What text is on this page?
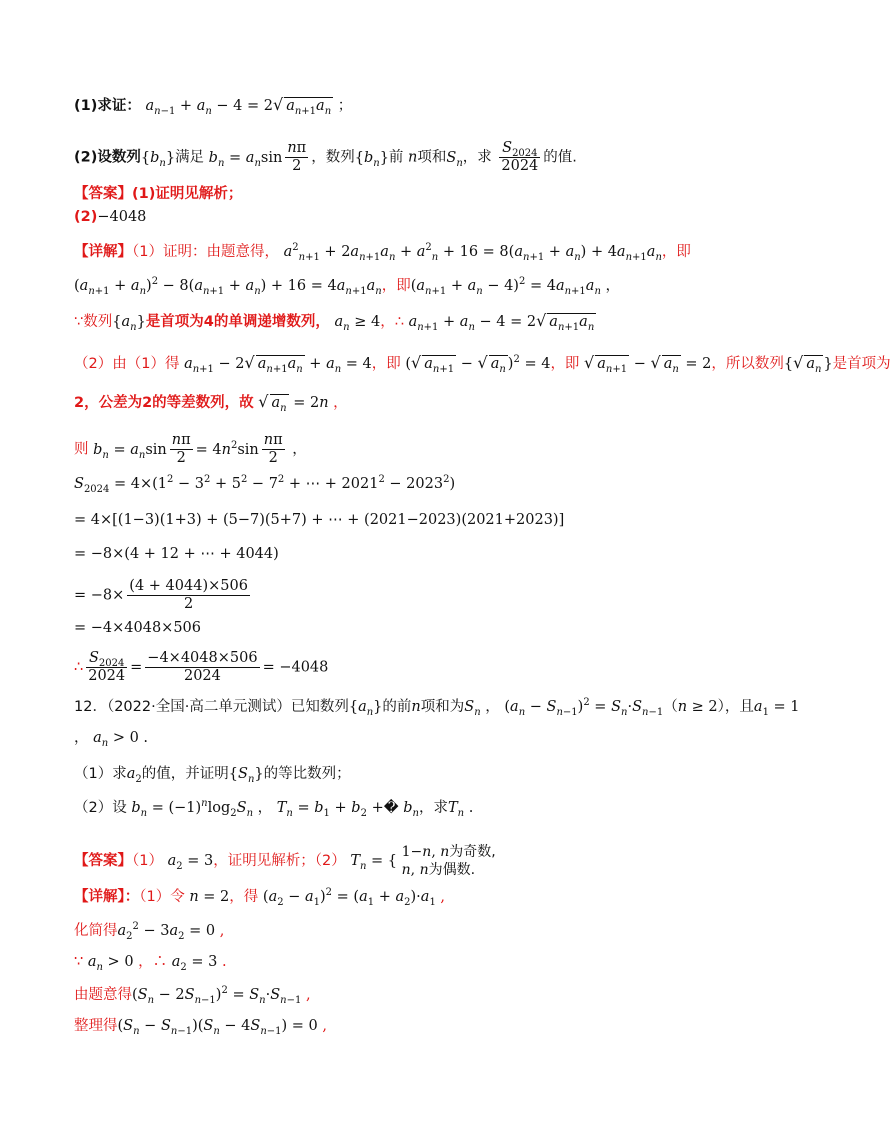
(1)求证： $a_{n-1} + a_n - 4 = 2√$ $a_{n+1}a_n$ ；
(2)设数列$\{b_n\}$满足 $b_n = a_n\sin \frac{n\pi}{2}$ ，数列$\{b_n\}$前 n项和$S_n$，求 $\frac{S_{2024}}{2024}$ 的值.
【答案】(1)证明见解析；
(2)−4048
【详解】（1）证明：由题意得， $a^2_{n+1} + 2a_{n+1}a_n + a^2_n + 16 = 8(a_{n+1} + a_n) + 4a_{n+1}a_n$，即
$(a_{n+1} + a_n)^2 - 8(a_{n+1} + a_n) + 16 = 4a_{n+1}a_n$，即$(a_{n+1} + a_n - 4)^2 = 4a_{n+1}a_n$ ，
∵数列$\{a_n\}$是首项为4的单调递增数列， $a_n \ge 4$，∴ $a_{n+1} + a_n - 4 = 2√$ $a_{n+1}a_n$
（2）由（1）得 $a_{n+1} - 2√$ $a_{n+1}a_n + a_n = 4$，即 (√ $a_{n+1}$ − √ $a_n$ )$^2$ = 4，即 √ $a_{n+1}$ − √ $a_n = 2$，所以数列{√ $a_n$ }是首项为
2，公差为2的等差数列，故 √ $a_n = 2n$ ，
则 $b_n = a_n\sin \frac{n\pi}{2} = 4n^2\sin \frac{n\pi}{2}$ ，
$S_{2024} = 4\times(1^2 - 3^2 + 5^2 - 7^2$ + ⋯ + $2021^2 - 2023^2$)
= 4×[(1−3)(1+3) + (5−7)(5+7) + ⋯ + (2021−2023)(2021+2023)]
= −8×(4 + 12 + ⋯ + 4044)
= $-8\times \frac{(4 + 4044)\times 506}{2}$
= −4×4048×506
∴ $\frac{S_{2024}}{2024} = \frac{-4\times 4048\times 506}{2024} = -4048$
12．（2022·全国·高二单元测试）已知数列$\{a_n\}$的前n项和为$S_n$ ， $(a_n - S_{n-1})^2 = S_n\cdot S_{n-1}(n \ge 2)$，且$a_1 = 1$
， $a_n > 0$ .
（1）求$a_2$的值，并证明$\{S_n\}$的等比数列；
（2）设 $b_n = (-1)^n\log_2S_n$ ， $T_n = b_1 + b_2$ +� $b_n$，求$T_n$ .
【答案】（1） $a_2 = 3$，证明见解析；（2） $T_n$ = {
1−n, n为奇数,
n, n为偶数.
【详解】：（1）令 n = 2，得 $(a_2 - a_1)^2 = (a_1 + a_2)\cdot a_1$ ,
化简得$a_2^2 - 3a_2 = 0$ ,
∵ $a_n > 0$ ，∴ $a_2 = 3$ .
由题意得$(S_n - 2S_{n-1})^2 = S_n\cdot S_{n-1}$ ,
整理得$(S_n - S_{n-1})(S_n - 4S_{n-1}) = 0$ ,
